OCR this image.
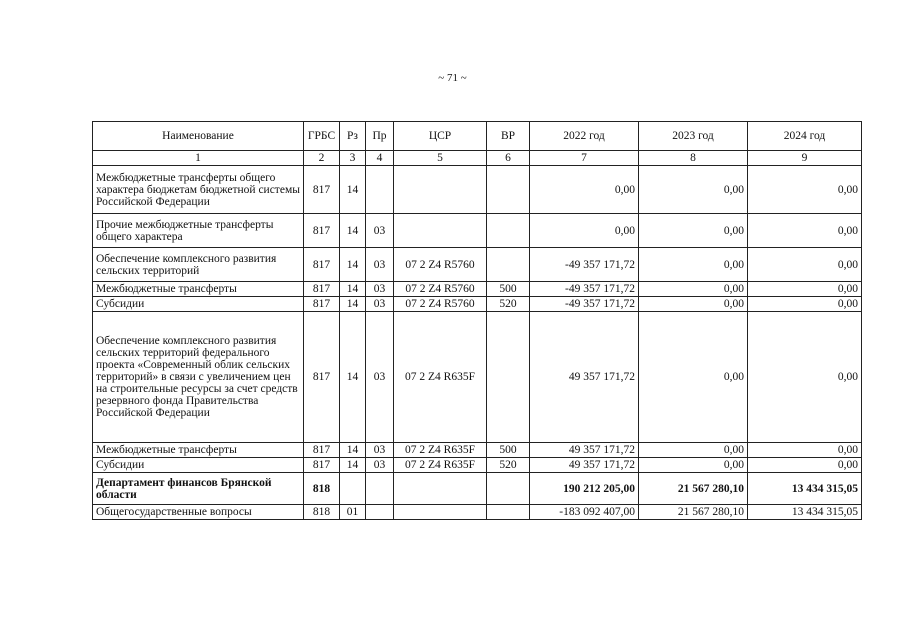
~ 71 ~
Наименование	ГРБС	Рз	Пр	ЦСР	ВР	2022 год	2023 год	2024 год
1	2	3	4	5	6	7	8	9
Межбюджетные трансферты общего характера бюджетам бюджетной системы Российской Федерации	817	14				0,00	0,00	0,00
Прочие межбюджетные трансферты общего характера	817	14	03			0,00	0,00	0,00
Обеспечение комплексного развития сельских территорий	817	14	03	07 2 Z4 R5760		-49 357 171,72	0,00	0,00
Межбюджетные трансферты	817	14	03	07 2 Z4 R5760	500	-49 357 171,72	0,00	0,00
Субсидии	817	14	03	07 2 Z4 R5760	520	-49 357 171,72	0,00	0,00
Обеспечение комплексного развития сельских территорий федерального проекта «Современный облик сельских территорий» в связи с увеличением цен на строительные ресурсы за счет средств резервного фонда Правительства Российской Федерации	817	14	03	07 2 Z4 R635F		49 357 171,72	0,00	0,00
Межбюджетные трансферты	817	14	03	07 2 Z4 R635F	500	49 357 171,72	0,00	0,00
Субсидии	817	14	03	07 2 Z4 R635F	520	49 357 171,72	0,00	0,00
Департамент финансов Брянской области	818					190 212 205,00	21 567 280,10	13 434 315,05
Общегосударственные вопросы	818	01				-183 092 407,00	21 567 280,10	13 434 315,05
